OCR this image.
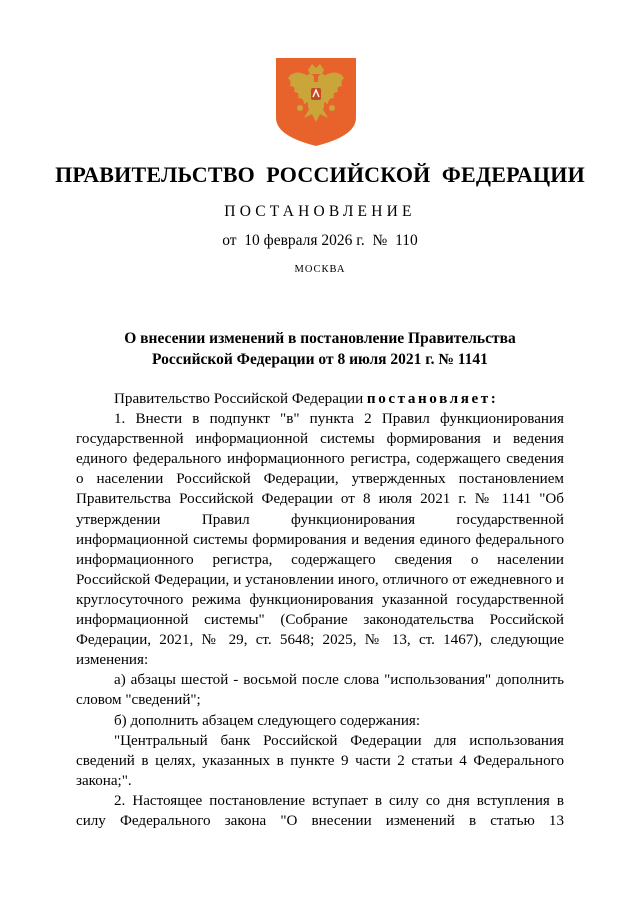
ПРАВИТЕЛЬСТВО  РОССИЙСКОЙ  ФЕДЕРАЦИИ
ПОСТАНОВЛЕНИЕ
от  10 февраля 2026 г.  №  110
МОСКВА
О внесении изменений в постановление Правительства
Российской Федерации от 8 июля 2021 г. № 1141

Правительство Российской Федерации постановляет:

1. Внести в подпункт "в" пункта 2 Правил функционирования государственной информационной системы формирования и ведения единого федерального информационного регистра, содержащего сведения о населении Российской Федерации, утвержденных постановлением Правительства Российской Федерации от 8 июля 2021 г. № 1141 "Об утверждении Правил функционирования государственной информационной системы формирования и ведения единого федерального информационного регистра, содержащего сведения о населении Российской Федерации, и установлении иного, отличного от ежедневного и круглосуточного режима функционирования указанной государственной информационной системы" (Собрание законодательства Российской Федерации, 2021, № 29, ст. 5648; 2025, № 13, ст. 1467), следующие изменения:

а) абзацы шестой - восьмой после слова "использования" дополнить словом "сведений";

б) дополнить абзацем следующего содержания:

"Центральный банк Российской Федерации для использования сведений в целях, указанных в пункте 9 части 2 статьи 4 Федерального закона;".

2. Настоящее постановление вступает в силу со дня вступления в силу Федерального закона "О внесении изменений в статью 13
